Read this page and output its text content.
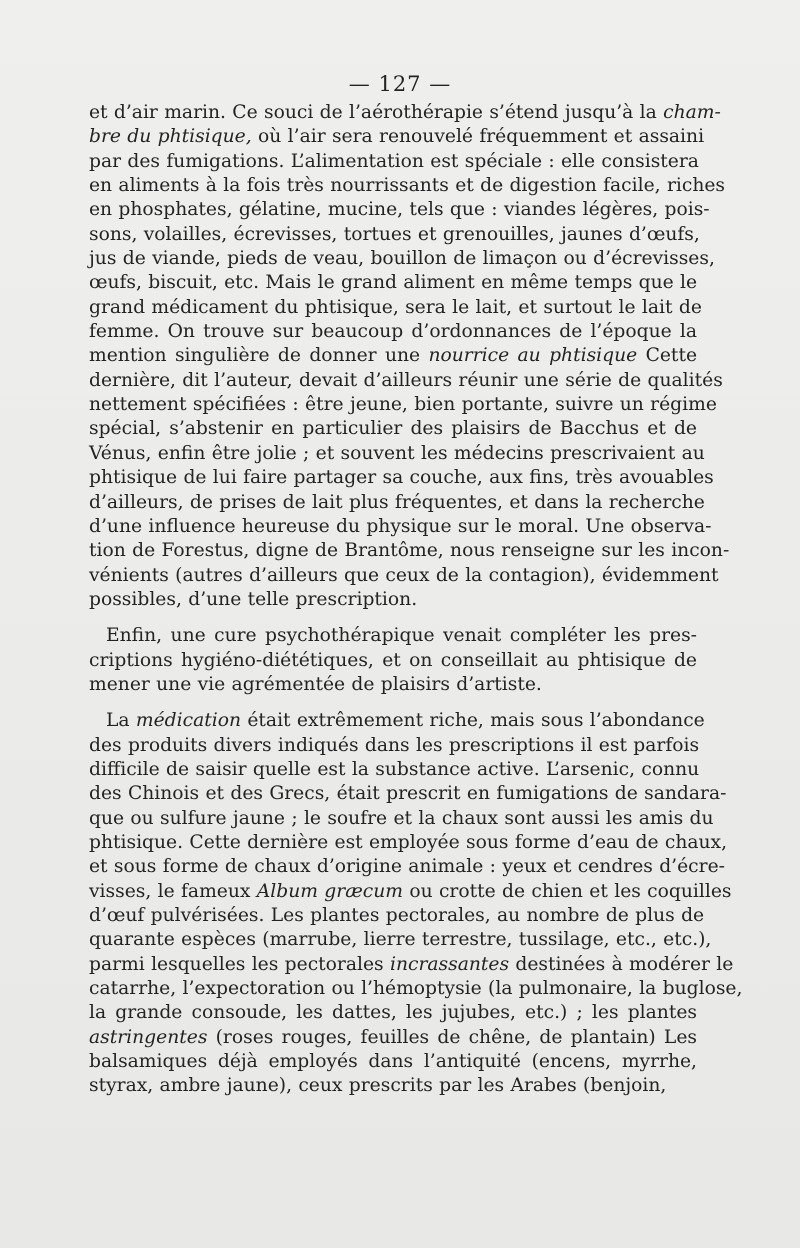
— 127 —

et d’air marin. Ce souci de l’aérothérapie s’étend jusqu’à la cham-
bre du phtisique, où l’air sera renouvelé fréquemment et assaini
par des fumigations. L’alimentation est spéciale : elle consistera
en aliments à la fois très nourrissants et de digestion facile, riches
en phosphates, gélatine, mucine, tels que : viandes légères, pois-
sons, volailles, écrevisses, tortues et grenouilles, jaunes d’œufs,
jus de viande, pieds de veau, bouillon de limaçon ou d’écrevisses,
œufs, biscuit, etc. Mais le grand aliment en même temps que le
grand médicament du phtisique, sera le lait, et surtout le lait de
femme. On trouve sur beaucoup d’ordonnances de l’époque la
mention singulière de donner une nourrice au phtisique Cette
dernière, dit l’auteur, devait d’ailleurs réunir une série de qualités
nettement spécifiées : être jeune, bien portante, suivre un régime
spécial, s’abstenir en particulier des plaisirs de Bacchus et de
Vénus, enfin être jolie ; et souvent les médecins prescrivaient au
phtisique de lui faire partager sa couche, aux fins, très avouables
d’ailleurs, de prises de lait plus fréquentes, et dans la recherche
d’une influence heureuse du physique sur le moral. Une observa-
tion de Forestus, digne de Brantôme, nous renseigne sur les incon-
vénients (autres d’ailleurs que ceux de la contagion), évidemment
possibles, d’une telle prescription.

Enfin, une cure psychothérapique venait compléter les pres-
criptions hygiéno-diététiques, et on conseillait au phtisique de
mener une vie agrémentée de plaisirs d’artiste.

La médication était extrêmement riche, mais sous l’abondance
des produits divers indiqués dans les prescriptions il est parfois
difficile de saisir quelle est la substance active. L’arsenic, connu
des Chinois et des Grecs, était prescrit en fumigations de sandara-
que ou sulfure jaune ; le soufre et la chaux sont aussi les amis du
phtisique. Cette dernière est employée sous forme d’eau de chaux,
et sous forme de chaux d’origine animale : yeux et cendres d’écre-
visses, le fameux Album græcum ou crotte de chien et les coquilles
d’œuf pulvérisées. Les plantes pectorales, au nombre de plus de
quarante espèces (marrube, lierre terrestre, tussilage, etc., etc.),
parmi lesquelles les pectorales incrassantes destinées à modérer le
catarrhe, l’expectoration ou l’hémoptysie (la pulmonaire, la buglose,
la grande consoude, les dattes, les jujubes, etc.) ; les plantes
astringentes (roses rouges, feuilles de chêne, de plantain) Les
balsamiques déjà employés dans l’antiquité (encens, myrrhe,
styrax, ambre jaune), ceux prescrits par les Arabes (benjoin,
